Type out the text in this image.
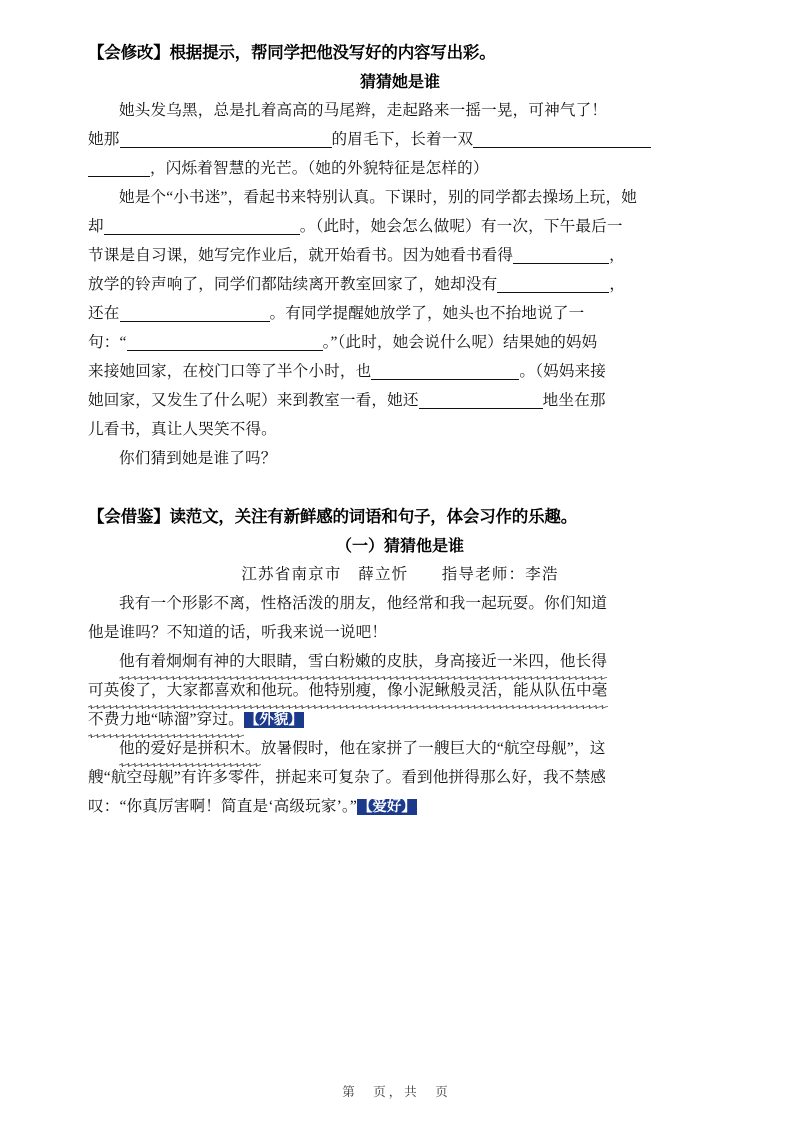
【会修改】根据提示，帮同学把他没写好的内容写出彩。
猜猜她是谁
她头发乌黑，总是扎着高高的马尾辫，走起路来一摇一晃，可神气了！
她那	的眉毛下，长着一双
，闪烁着智慧的光芒。（她的外貌特征是怎样的）
她是个“小书迷”，看起书来特别认真。下课时，别的同学都去操场上玩，她
却	。（此时，她会怎么做呢）有一次，下午最后一
节课是自习课，她写完作业后，就开始看书。因为她看书看得	，
放学的铃声响了，同学们都陆续离开教室回家了，她却没有	，
还在	。有同学提醒她放学了，她头也不抬地说了一
句：“	。”（此时，她会说什么呢）结果她的妈妈
来接她回家，在校门口等了半个小时，也	。（妈妈来接
她回家，又发生了什么呢）来到教室一看，她还	地坐在那
儿看书，真让人哭笑不得。
你们猜到她是谁了吗？
【会借鉴】读范文，关注有新鲜感的词语和句子，体会习作的乐趣。
（一）猜猜他是谁
江苏省南京市　薛立忻　　指导老师：李浩
我有一个形影不离，性格活泼的朋友，他经常和我一起玩耍。你们知道
他是谁吗？不知道的话，听我来说一说吧！
他有着炯炯有神的大眼睛，雪白粉嫩的皮肤，身高接近一米四，他长得
可英俊了，大家都喜欢和他玩。他特别瘦，像小泥鳅般灵活，能从队伍中毫
不费力地“哧溜”穿过。【外貌】
他的爱好是拼积木。放暑假时，他在家拼了一艘巨大的“航空母舰”，这
艘“航空母舰”有许多零件，拼起来可复杂了。看到他拼得那么好，我不禁感
叹：“你真厉害啊！简直是‘高级玩家’。”【爱好】
第　页，共　页
